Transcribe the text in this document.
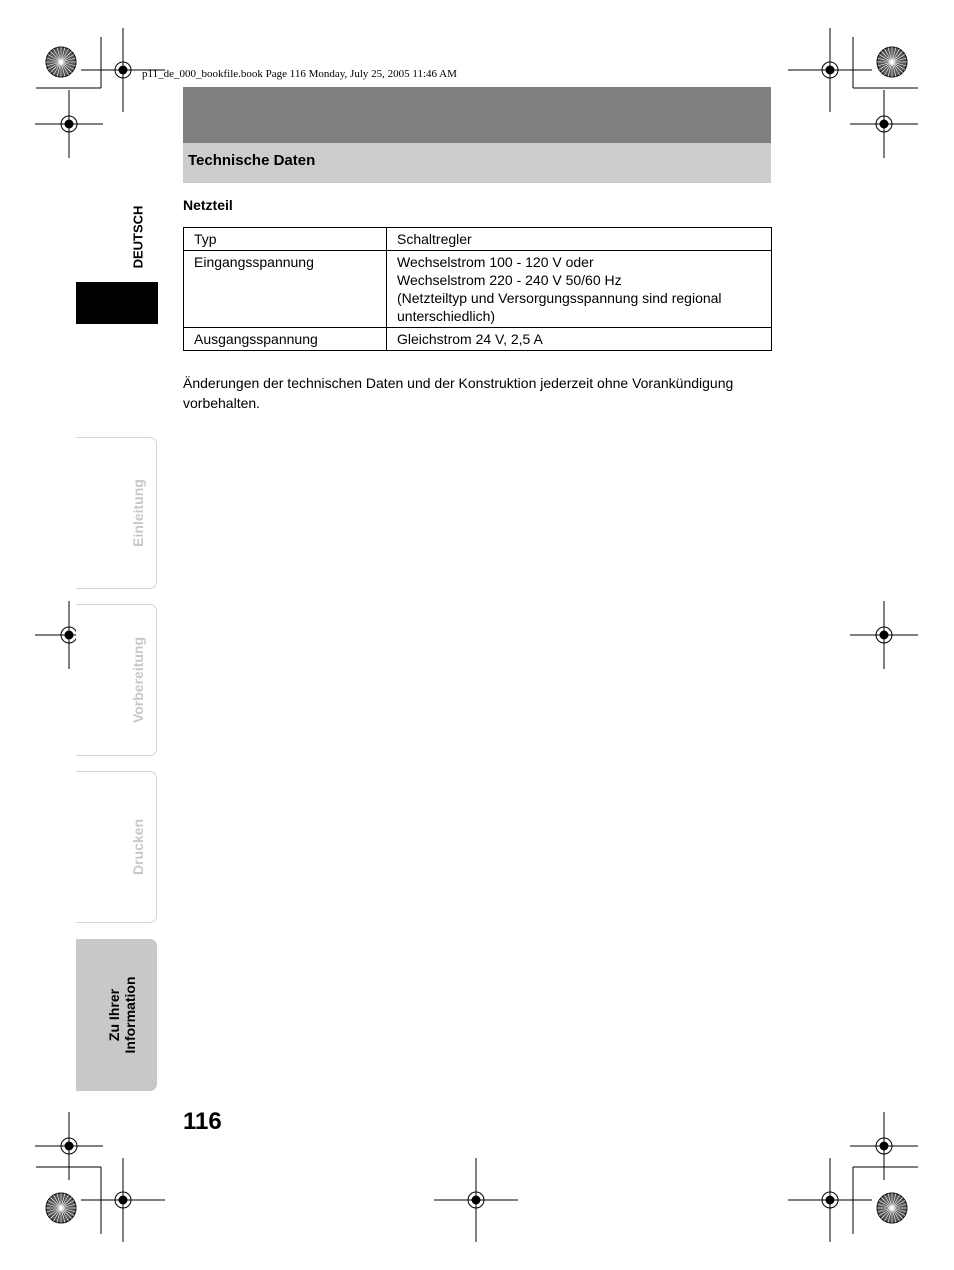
p11_de_000_bookfile.book Page 116 Monday, July 25, 2005 11:46 AM
Technische Daten
Netzteil
Typ	Schaltregler

Eingangsspannung	Wechselstrom 100 - 120 V oder
Wechselstrom 220 - 240 V 50/60 Hz
(Netzteiltyp und Versorgungsspannung sind regional
unterschiedlich)

Ausgangsspannung	Gleichstrom 24 V, 2,5 A
Änderungen der technischen Daten und der Konstruktion jederzeit ohne Vorankündigung vorbehalten.
116
DEUTSCH
Einleitung
Vorbereitung
Drucken
Zu Ihrer Information
